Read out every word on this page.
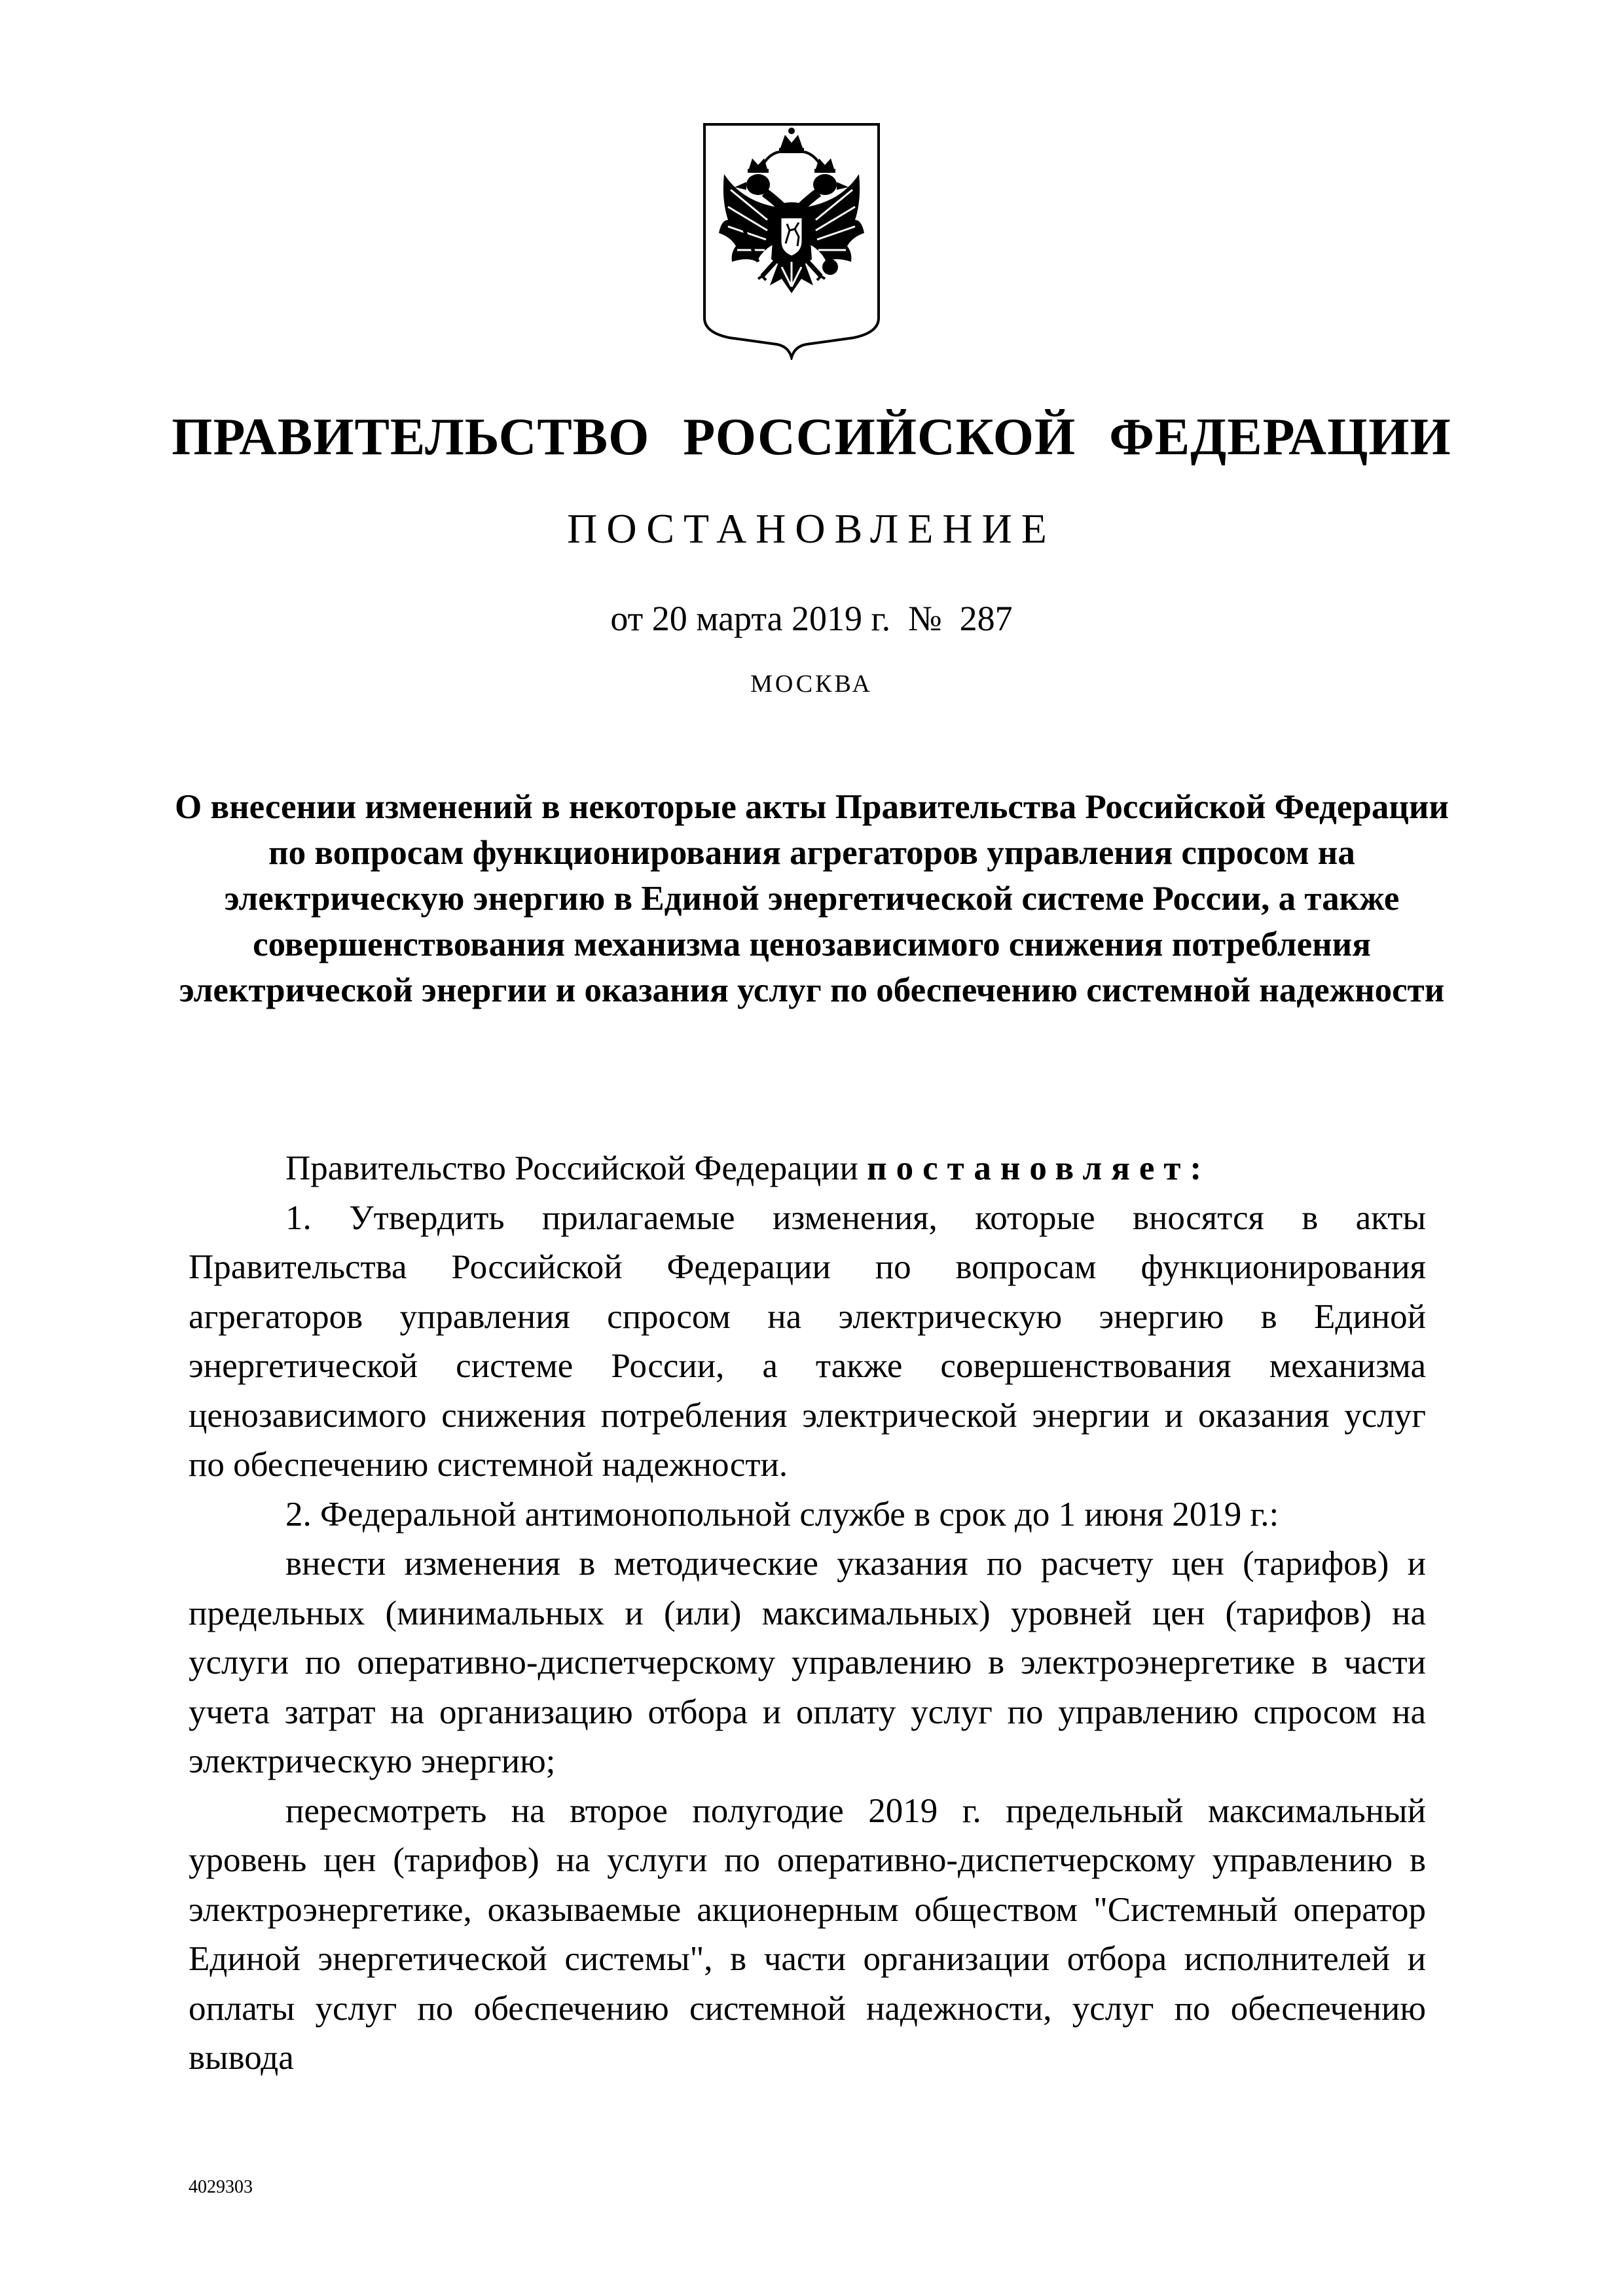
ПРАВИТЕЛЬСТВО РОССИЙСКОЙ ФЕДЕРАЦИИ
ПОСТАНОВЛЕНИЕ
от 20 марта 2019 г.  №  287
МОСКВА
О внесении изменений в некоторые акты Правительства Российской Федерации по вопросам функционирования агрегаторов управления спросом на электрическую энергию в Единой энергетической системе России, а также совершенствования механизма ценозависимого снижения потребления электрической энергии и оказания услуг по обеспечению системной надежности

Правительство Российской Федерации постановляет:

1. Утвердить прилагаемые изменения, которые вносятся в акты Правительства Российской Федерации по вопросам функционирования агрегаторов управления спросом на электрическую энергию в Единой энергетической системе России, а также совершенствования механизма ценозависимого снижения потребления электрической энергии и оказания услуг по обеспечению системной надежности.

2. Федеральной антимонопольной службе в срок до 1 июня 2019 г.:

внести изменения в методические указания по расчету цен (тарифов) и предельных (минимальных и (или) максимальных) уровней цен (тарифов) на услуги по оперативно-диспетчерскому управлению в электроэнергетике в части учета затрат на организацию отбора и оплату услуг по управлению спросом на электрическую энергию;

пересмотреть на второе полугодие 2019 г. предельный максимальный уровень цен (тарифов) на услуги по оперативно-диспетчерскому управлению в электроэнергетике, оказываемые акционерным обществом "Системный оператор Единой энергетической системы", в части организации отбора исполнителей и оплаты услуг по обеспечению системной надежности, услуг по обеспечению вывода

4029303
